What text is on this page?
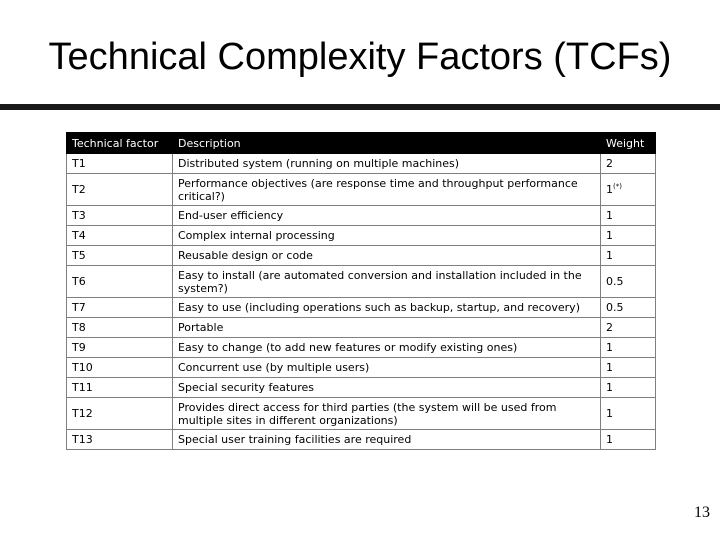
Technical Complexity Factors (TCFs)
Technical factor	Description	Weight
T1	Distributed system (running on multiple machines)	2
T2	Performance objectives (are response time and throughput performance critical?)	1(*)
T3	End-user efficiency	1
T4	Complex internal processing	1
T5	Reusable design or code	1
T6	Easy to install (are automated conversion and installation included in the system?)	0.5
T7	Easy to use (including operations such as backup, startup, and recovery)	0.5
T8	Portable	2
T9	Easy to change (to add new features or modify existing ones)	1
T10	Concurrent use (by multiple users)	1
T11	Special security features	1
T12	Provides direct access for third parties (the system will be used from multiple sites in different organizations)	1
T13	Special user training facilities are required	1
13
